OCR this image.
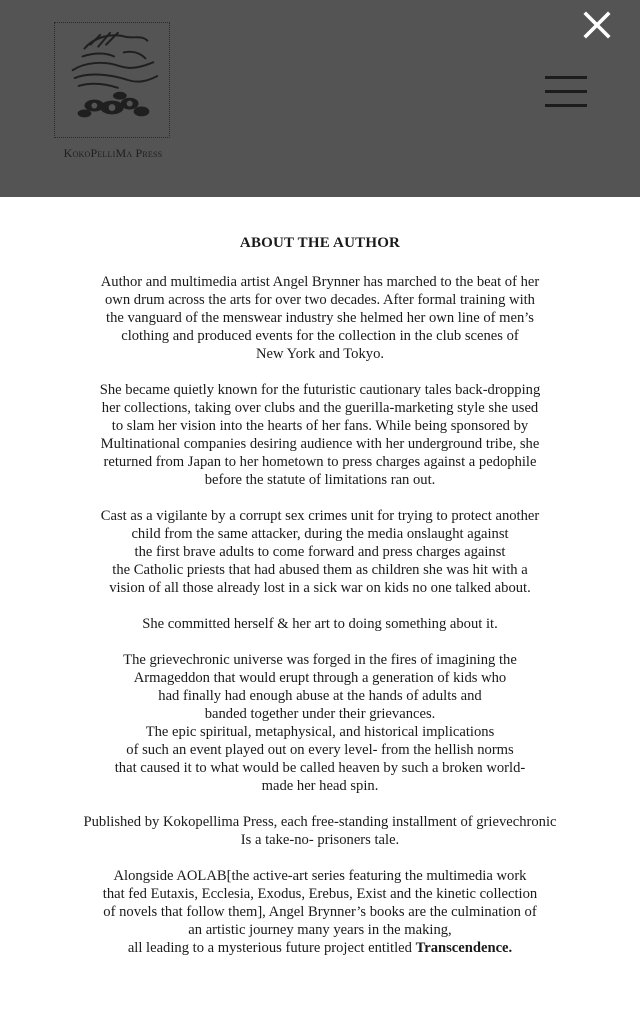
KokoPelliMa Press
ABOUT THE AUTHOR

Author and multimedia artist Angel Brynner has marched to the beat of her
own drum across the arts for over two decades. After formal training with
the vanguard of the menswear industry she helmed her own line of men’s
clothing and produced events for the collection in the club scenes of
New York and Tokyo.

She became quietly known for the futuristic cautionary tales back-dropping
her collections, taking over clubs and the guerilla-marketing style she used
to slam her vision into the hearts of her fans. While being sponsored by
Multinational companies desiring audience with her underground tribe, she
returned from Japan to her hometown to press charges against a pedophile
before the statute of limitations ran out.

Cast as a vigilante by a corrupt sex crimes unit for trying to protect another
child from the same attacker, during the media onslaught against
the first brave adults to come forward and press charges against
the Catholic priests that had abused them as children she was hit with a
vision of all those already lost in a sick war on kids no one talked about.

She committed herself & her art to doing something about it.

The grievechronic universe was forged in the fires of imagining the
Armageddon that would erupt through a generation of kids who
had finally had enough abuse at the hands of adults and
banded together under their grievances.
The epic spiritual, metaphysical, and historical implications
of such an event played out on every level- from the hellish norms
that caused it to what would be called heaven by such a broken world-
made her head spin.

Published by Kokopellima Press, each free-standing installment of grievechronic
Is a take-no- prisoners tale.

Alongside AOLAB[the active-art series featuring the multimedia work
that fed Eutaxis, Ecclesia, Exodus, Erebus, Exist and the kinetic collection
of novels that follow them], Angel Brynner’s books are the culmination of
an artistic journey many years in the making,
all leading to a mysterious future project entitled Transcendence.
